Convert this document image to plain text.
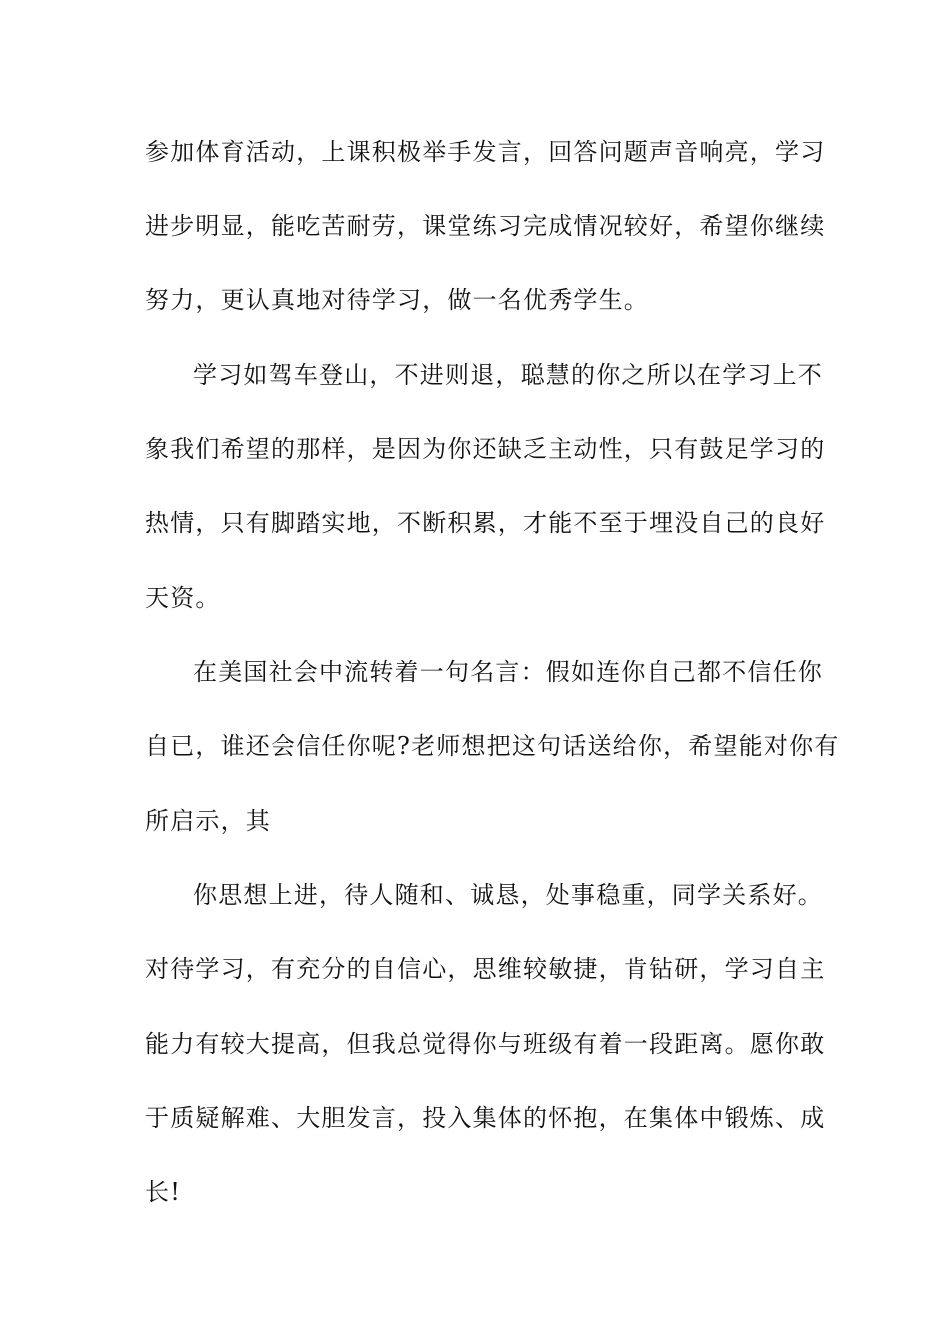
参加体育活动，上课积极举手发言，回答问题声音响亮，学习
进步明显，能吃苦耐劳，课堂练习完成情况较好，希望你继续
努力，更认真地对待学习，做一名优秀学生。
学习如驾车登山，不进则退，聪慧的你之所以在学习上不
象我们希望的那样，是因为你还缺乏主动性，只有鼓足学习的
热情，只有脚踏实地，不断积累，才能不至于埋没自己的良好
天资。
在美国社会中流转着一句名言：假如连你自己都不信任你
自已，谁还会信任你呢?老师想把这句话送给你，希望能对你有
所启示，其
你思想上进，待人随和、诚恳，处事稳重，同学关系好。
对待学习，有充分的自信心，思维较敏捷，肯钻研，学习自主
能力有较大提高，但我总觉得你与班级有着一段距离。愿你敢
于质疑解难、大胆发言，投入集体的怀抱，在集体中锻炼、成
长!
